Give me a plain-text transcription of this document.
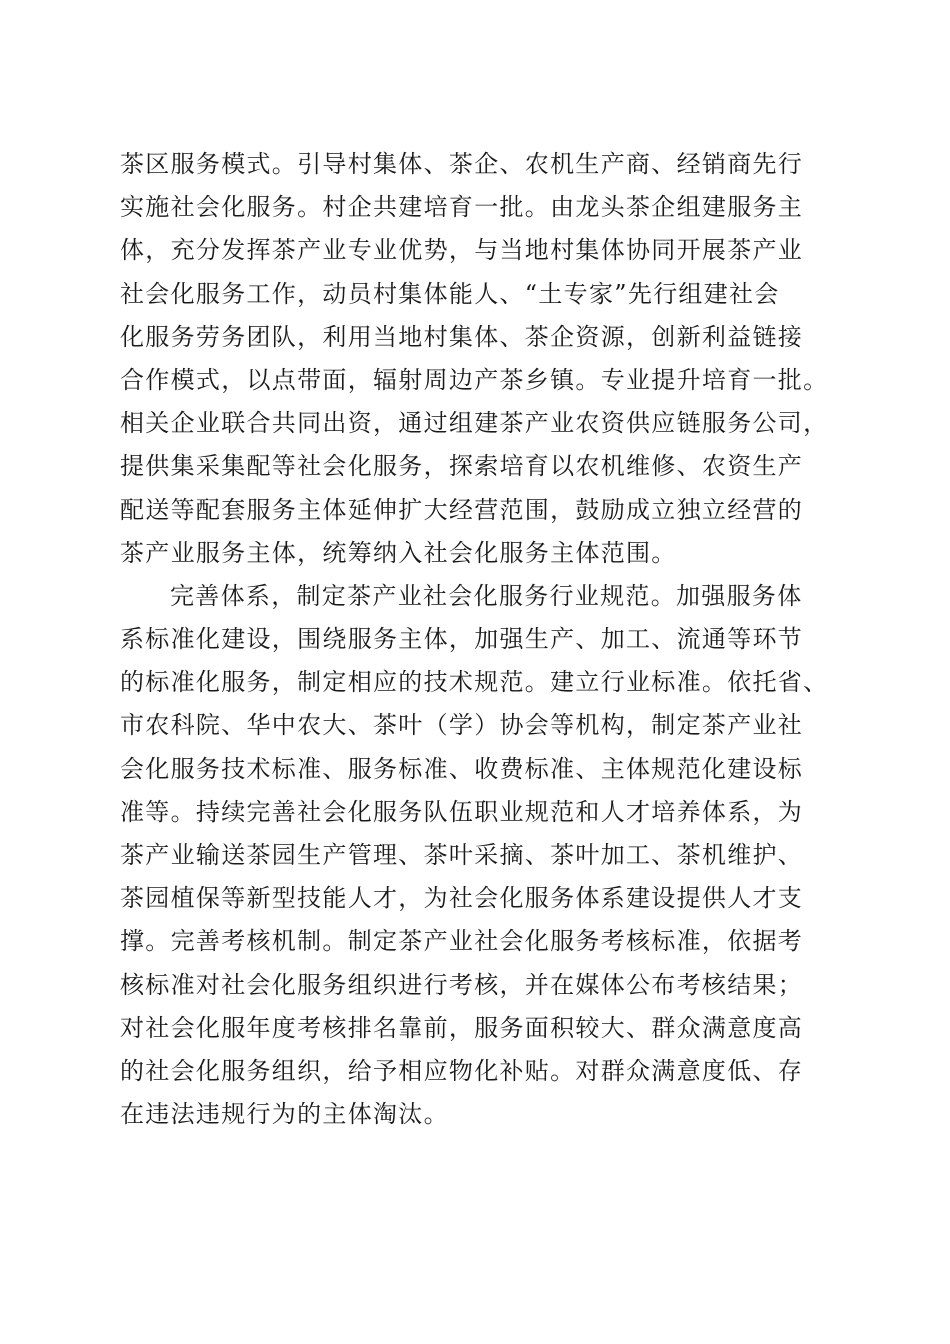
茶区服务模式。引导村集体、茶企、农机生产商、经销商先行
实施社会化服务。村企共建培育一批。由龙头茶企组建服务主
体，充分发挥茶产业专业优势，与当地村集体协同开展茶产业
社会化服务工作，动员村集体能人、“土专家”先行组建社会
化服务劳务团队，利用当地村集体、茶企资源，创新利益链接
合作模式，以点带面，辐射周边产茶乡镇。专业提升培育一批。
相关企业联合共同出资，通过组建茶产业农资供应链服务公司，
提供集采集配等社会化服务，探索培育以农机维修、农资生产
配送等配套服务主体延伸扩大经营范围，鼓励成立独立经营的
茶产业服务主体，统筹纳入社会化服务主体范围。
完善体系，制定茶产业社会化服务行业规范。加强服务体
系标准化建设，围绕服务主体，加强生产、加工、流通等环节
的标准化服务，制定相应的技术规范。建立行业标准。依托省、
市农科院、华中农大、茶叶（学）协会等机构，制定茶产业社
会化服务技术标准、服务标准、收费标准、主体规范化建设标
准等。持续完善社会化服务队伍职业规范和人才培养体系，为
茶产业输送茶园生产管理、茶叶采摘、茶叶加工、茶机维护、
茶园植保等新型技能人才，为社会化服务体系建设提供人才支
撑。完善考核机制。制定茶产业社会化服务考核标准，依据考
核标准对社会化服务组织进行考核，并在媒体公布考核结果；
对社会化服年度考核排名靠前，服务面积较大、群众满意度高
的社会化服务组织，给予相应物化补贴。对群众满意度低、存
在违法违规行为的主体淘汰。
